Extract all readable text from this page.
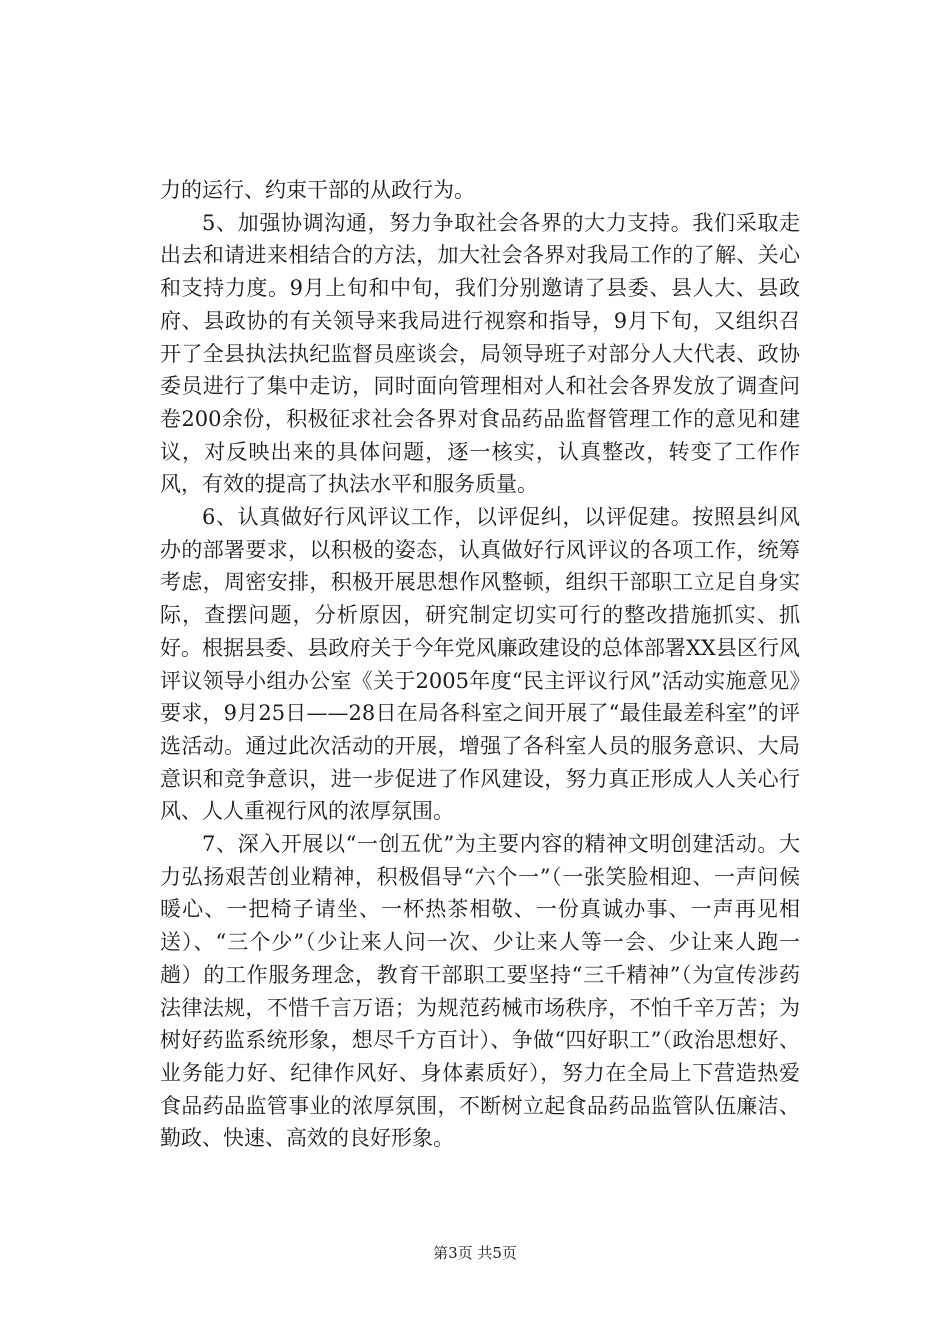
力的运行、约束干部的从政行为。

5、加强协调沟通，努力争取社会各界的大力支持。我们采取走出去和请进来相结合的方法，加大社会各界对我局工作的了解、关心和支持力度。9月上旬和中旬，我们分别邀请了县委、县人大、县政府、县政协的有关领导来我局进行视察和指导，9月下旬，又组织召开了全县执法执纪监督员座谈会，局领导班子对部分人大代表、政协委员进行了集中走访，同时面向管理相对人和社会各界发放了调查问卷200余份，积极征求社会各界对食品药品监督管理工作的意见和建议，对反映出来的具体问题，逐一核实，认真整改，转变了工作作风，有效的提高了执法水平和服务质量。

6、认真做好行风评议工作，以评促纠，以评促建。按照县纠风办的部署要求，以积极的姿态，认真做好行风评议的各项工作，统筹考虑，周密安排，积极开展思想作风整顿，组织干部职工立足自身实际，查摆问题，分析原因，研究制定切实可行的整改措施抓实、抓好。根据县委、县政府关于今年党风廉政建设的总体部署XX县区行风评议领导小组办公室《关于2005年度“民主评议行风”活动实施意见》要求，9月25日——28日在局各科室之间开展了“最佳最差科室”的评选活动。通过此次活动的开展，增强了各科室人员的服务意识、大局意识和竞争意识，进一步促进了作风建设，努力真正形成人人关心行风、人人重视行风的浓厚氛围。

7、深入开展以“一创五优”为主要内容的精神文明创建活动。大力弘扬艰苦创业精神，积极倡导“六个一”（一张笑脸相迎、一声问候暖心、一把椅子请坐、一杯热茶相敬、一份真诚办事、一声再见相送）、“三个少”（少让来人问一次、少让来人等一会、少让来人跑一趟）的工作服务理念，教育干部职工要坚持“三千精神”（为宣传涉药法律法规，不惜千言万语；为规范药械市场秩序，不怕千辛万苦；为树好药监系统形象，想尽千方百计）、争做“四好职工”（政治思想好、业务能力好、纪律作风好、身体素质好），努力在全局上下营造热爱食品药品监管事业的浓厚氛围，不断树立起食品药品监管队伍廉洁、勤政、快速、高效的良好形象。

第3页 共5页
